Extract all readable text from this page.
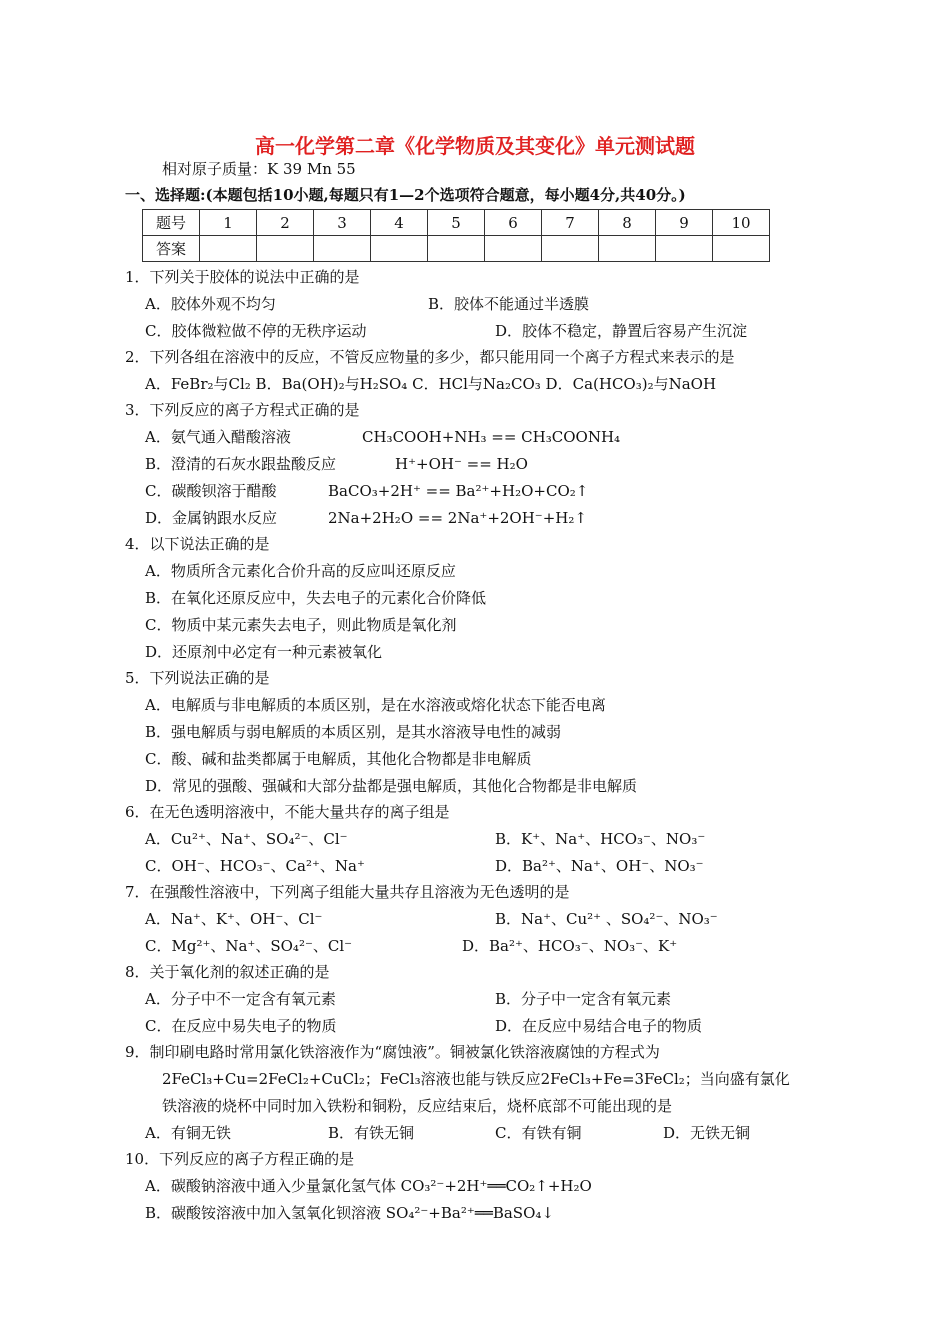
高一化学第二章《化学物质及其变化》单元测试题
相对原子质量：K 39 Mn 55
一、选择题:(本题包括10小题,每题只有1—2个选项符合题意，每小题4分,共40分。)
题号	1	2	3	4	5	6	7	8	9	10
答案										
1．下列关于胶体的说法中正确的是
A．胶体外观不均匀	B．胶体不能通过半透膜
C．胶体微粒做不停的无秩序运动	D．胶体不稳定，静置后容易产生沉淀
2．下列各组在溶液中的反应，不管反应物量的多少，都只能用同一个离子方程式来表示的是
A．FeBr₂与Cl₂ B．Ba(OH)₂与H₂SO₄ C．HCl与Na₂CO₃ D．Ca(HCO₃)₂与NaOH
3．下列反应的离子方程式正确的是
A．氨气通入醋酸溶液	CH₃COOH+NH₃ == CH₃COONH₄
B．澄清的石灰水跟盐酸反应	H⁺+OH⁻ == H₂O
C．碳酸钡溶于醋酸	BaCO₃+2H⁺ == Ba²⁺+H₂O+CO₂↑
D．金属钠跟水反应	2Na+2H₂O == 2Na⁺+2OH⁻+H₂↑
4．以下说法正确的是
A．物质所含元素化合价升高的反应叫还原反应
B．在氧化还原反应中，失去电子的元素化合价降低
C．物质中某元素失去电子，则此物质是氧化剂
D．还原剂中必定有一种元素被氧化
5．下列说法正确的是
A．电解质与非电解质的本质区别，是在水溶液或熔化状态下能否电离
B．强电解质与弱电解质的本质区别，是其水溶液导电性的减弱
C．酸、碱和盐类都属于电解质，其他化合物都是非电解质
D．常见的强酸、强碱和大部分盐都是强电解质，其他化合物都是非电解质
6．在无色透明溶液中，不能大量共存的离子组是
A．Cu²⁺、Na⁺、SO₄²⁻、Cl⁻	B．K⁺、Na⁺、HCO₃⁻、NO₃⁻
C．OH⁻、HCO₃⁻、Ca²⁺、Na⁺	D．Ba²⁺、Na⁺、OH⁻、NO₃⁻
7．在强酸性溶液中，下列离子组能大量共存且溶液为无色透明的是
A．Na⁺、K⁺、OH⁻、Cl⁻	B．Na⁺、Cu²⁺ 、SO₄²⁻、NO₃⁻
C．Mg²⁺、Na⁺、SO₄²⁻、Cl⁻	D．Ba²⁺、HCO₃⁻、NO₃⁻、K⁺
8．关于氧化剂的叙述正确的是
A．分子中不一定含有氧元素	B．分子中一定含有氧元素
C．在反应中易失电子的物质	D．在反应中易结合电子的物质
9．制印刷电路时常用氯化铁溶液作为“腐蚀液”。铜被氯化铁溶液腐蚀的方程式为
2FeCl₃+Cu=2FeCl₂+CuCl₂；FeCl₃溶液也能与铁反应2FeCl₃+Fe=3FeCl₂；当向盛有氯化
铁溶液的烧杯中同时加入铁粉和铜粉，反应结束后，烧杯底部不可能出现的是
A．有铜无铁	B．有铁无铜	C．有铁有铜	D．无铁无铜
10．下列反应的离子方程正确的是
A．碳酸钠溶液中通入少量氯化氢气体 CO₃²⁻+2H⁺══CO₂↑+H₂O
B．碳酸铵溶液中加入氢氧化钡溶液 SO₄²⁻+Ba²⁺══BaSO₄↓
